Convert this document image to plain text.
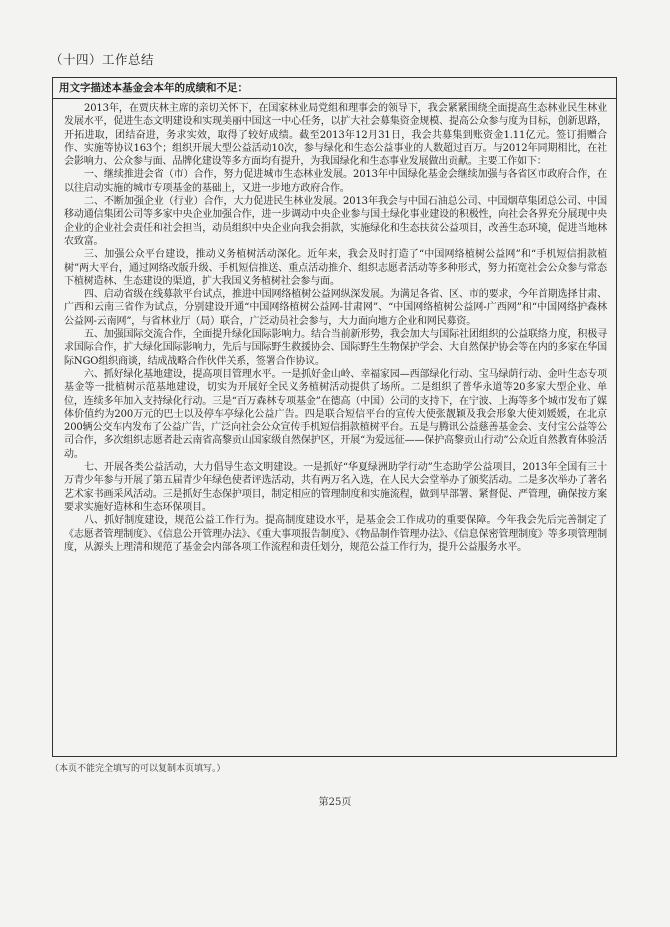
（十四）工作总结
用文字描述本基金会本年的成绩和不足：

2013年，在贾庆林主席的亲切关怀下，在国家林业局党组和理事会的领导下，我会紧紧围绕全面提高生态林业民生林业发展水平，促进生态文明建设和实现美丽中国这一中心任务，以扩大社会募集资金规模、提高公众参与度为目标，创新思路，开拓进取，团结奋进，务求实效，取得了较好成绩。截至2013年12月31日，我会共募集到账资金1.11亿元。签订捐赠合作、实施等协议163个；组织开展大型公益活动10次，参与绿化和生态公益事业的人数超过百万。与2012年同期相比，在社会影响力、公众参与面、品牌化建设等多方面均有提升，为我国绿化和生态事业发展做出贡献。主要工作如下：

一、继续推进会省（市）合作，努力促进城市生态林业发展。2013年中国绿化基金会继续加强与各省区市政府合作，在以往启动实施的城市专项基金的基础上，又进一步地方政府合作。

二、不断加强企业（行业）合作，大力促进民生林业发展。2013年我会与中国石油总公司、中国烟草集团总公司、中国移动通信集团公司等多家中央企业加强合作，进一步调动中央企业参与国土绿化事业建设的积极性，向社会各界充分展现中央企业的企业社会责任和社会担当，动员组织中央企业向我会捐款，实施绿化和生态扶贫公益项目，改善生态环境，促进当地林农致富。

三、加强公众平台建设，推动义务植树活动深化。近年来，我会及时打造了“中国网络植树公益网”和“手机短信捐款植树”两大平台，通过网络改版升级、手机短信推送、重点活动推介、组织志愿者活动等多种形式，努力拓宽社会公众参与常态下植树造林、生态建设的渠道，扩大我国义务植树社会参与面。

四、启动省级在线募款平台试点，推进中国网络植树公益网纵深发展。为满足各省、区、市的要求，今年首期选择甘肃、广西和云南三省作为试点，分别建设开通“中国网络植树公益网-甘肃网”、“中国网络植树公益网-广西网”和“中国网络护森林公益网-云南网”，与省林业厅（局）联合，广泛动员社会参与，大力面向地方企业和网民募资。

五、加强国际交流合作，全面提升绿化国际影响力。结合当前新形势，我会加大与国际社团组织的公益联络力度，积极寻求国际合作，扩大绿化国际影响力，先后与国际野生救援协会、国际野生生物保护学会、大自然保护协会等在内的多家在华国际NGO组织商谈，结成战略合作伙伴关系，签署合作协议。

六、抓好绿化基地建设，提高项目管理水平。一是抓好金山岭、幸福家园—西部绿化行动、宝马绿荫行动、金叶生态专项基金等一批植树示范基地建设，切实为开展好全民义务植树活动提供了场所。二是组织了普华永道等20多家大型企业、单位，连续多年加入支持绿化行动。三是“百万森林专项基金”在德高（中国）公司的支持下，在宁波、上海等多个城市发布了媒体价值约为200万元的巴士以及停车亭绿化公益广告。四是联合短信平台的宣传大使张靓颖及我会形象大使刘媛媛，在北京200辆公交车内发布了公益广告，广泛向社会公众宣传手机短信捐款植树平台。五是与腾讯公益慈善基金会、支付宝公益等公司合作，多次组织志愿者赴云南省高黎贡山国家级自然保护区，开展“为爱远征——保护高黎贡山行动”公众近自然教育体验活动。

七、开展各类公益活动，大力倡导生态文明建设。一是抓好“华夏绿洲助学行动”生态助学公益项目，2013年全国有三十万青少年参与开展了第五届青少年绿色使者评选活动，共有两万名入选，在人民大会堂举办了颁奖活动。二是多次举办了著名艺术家书画采风活动。三是抓好生态保护项目，制定相应的管理制度和实施流程，做到早部署、紧督促、严管理，确保按方案要求实施好造林和生态环保项目。

八、抓好制度建设，规范公益工作行为。提高制度建设水平，是基金会工作成功的重要保障。今年我会先后完善制定了《志愿者管理制度》、《信息公开管理办法》、《重大事项报告制度》、《物品制作管理办法》、《信息保密管理制度》等多项管理制度，从源头上理清和规范了基金会内部各项工作流程和责任划分，规范公益工作行为，提升公益服务水平。

（本页不能完全填写的可以复制本页填写。）
第25页
